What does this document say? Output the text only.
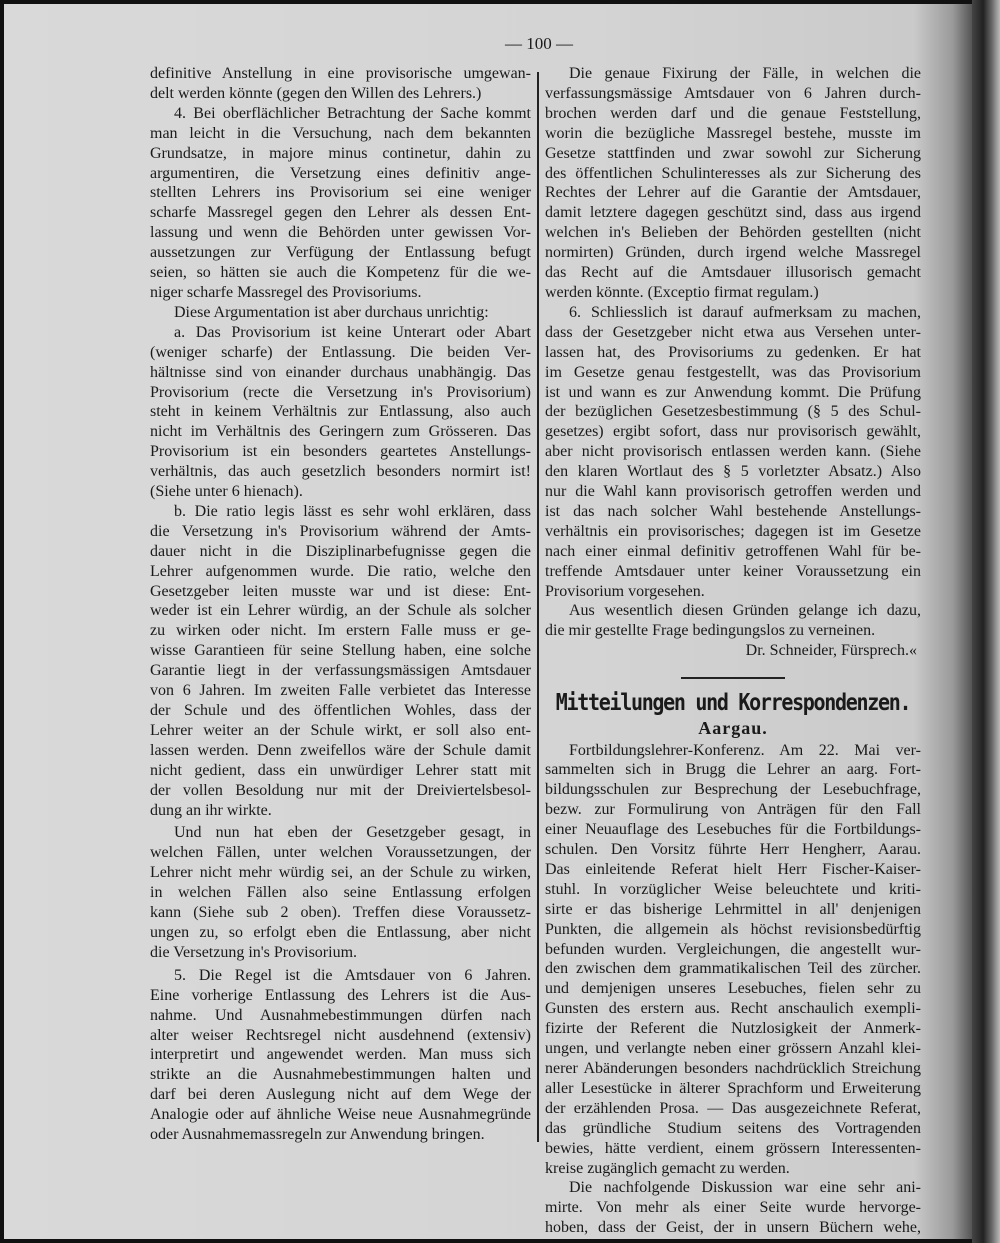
— 100 —
definitive Anstellung in eine provisorische umgewan-
delt werden könnte (gegen den Willen des Lehrers.)
4. Bei oberflächlicher Betrachtung der Sache kommt
man leicht in die Versuchung, nach dem bekannten
Grundsatze, in majore minus continetur, dahin zu
argumentiren, die Versetzung eines definitiv ange-
stellten Lehrers ins Provisorium sei eine weniger
scharfe Massregel gegen den Lehrer als dessen Ent-
lassung und wenn die Behörden unter gewissen Vor-
aussetzungen zur Verfügung der Entlassung befugt
seien, so hätten sie auch die Kompetenz für die we-
niger scharfe Massregel des Provisoriums.
Diese Argumentation ist aber durchaus unrichtig:
a. Das Provisorium ist keine Unterart oder Abart
(weniger scharfe) der Entlassung. Die beiden Ver-
hältnisse sind von einander durchaus unabhängig. Das
Provisorium (recte die Versetzung in's Provisorium)
steht in keinem Verhältnis zur Entlassung, also auch
nicht im Verhältnis des Geringern zum Grösseren. Das
Provisorium ist ein besonders geartetes Anstellungs-
verhältnis, das auch gesetzlich besonders normirt ist!
(Siehe unter 6 hienach).
b. Die ratio legis lässt es sehr wohl erklären, dass
die Versetzung in's Provisorium während der Amts-
dauer nicht in die Disziplinarbefugnisse gegen die
Lehrer aufgenommen wurde. Die ratio, welche den
Gesetzgeber leiten musste war und ist diese: Ent-
weder ist ein Lehrer würdig, an der Schule als solcher
zu wirken oder nicht. Im erstern Falle muss er ge-
wisse Garantieen für seine Stellung haben, eine solche
Garantie liegt in der verfassungsmässigen Amtsdauer
von 6 Jahren. Im zweiten Falle verbietet das Interesse
der Schule und des öffentlichen Wohles, dass der
Lehrer weiter an der Schule wirkt, er soll also ent-
lassen werden. Denn zweifellos wäre der Schule damit
nicht gedient, dass ein unwürdiger Lehrer statt mit
der vollen Besoldung nur mit der Dreiviertelsbesol-
dung an ihr wirkte.
Und nun hat eben der Gesetzgeber gesagt, in
welchen Fällen, unter welchen Voraussetzungen, der
Lehrer nicht mehr würdig sei, an der Schule zu wirken,
in welchen Fällen also seine Entlassung erfolgen
kann (Siehe sub 2 oben). Treffen diese Voraussetz-
ungen zu, so erfolgt eben die Entlassung, aber nicht
die Versetzung in's Provisorium.
5. Die Regel ist die Amtsdauer von 6 Jahren.
Eine vorherige Entlassung des Lehrers ist die Aus-
nahme. Und Ausnahmebestimmungen dürfen nach
alter weiser Rechtsregel nicht ausdehnend (extensiv)
interpretirt und angewendet werden. Man muss sich
strikte an die Ausnahmebestimmungen halten und
darf bei deren Auslegung nicht auf dem Wege der
Analogie oder auf ähnliche Weise neue Ausnahmegründe
oder Ausnahmemassregeln zur Anwendung bringen.
Die genaue Fixirung der Fälle, in welchen die
verfassungsmässige Amtsdauer von 6 Jahren durch-
brochen werden darf und die genaue Feststellung,
worin die bezügliche Massregel bestehe, musste im
Gesetze stattfinden und zwar sowohl zur Sicherung
des öffentlichen Schulinteresses als zur Sicherung des
Rechtes der Lehrer auf die Garantie der Amtsdauer,
damit letztere dagegen geschützt sind, dass aus irgend
welchen in's Belieben der Behörden gestellten (nicht
normirten) Gründen, durch irgend welche Massregel
das Recht auf die Amtsdauer illusorisch gemacht
werden könnte. (Exceptio firmat regulam.)
6. Schliesslich ist darauf aufmerksam zu machen,
dass der Gesetzgeber nicht etwa aus Versehen unter-
lassen hat, des Provisoriums zu gedenken. Er hat
im Gesetze genau festgestellt, was das Provisorium
ist und wann es zur Anwendung kommt. Die Prüfung
der bezüglichen Gesetzesbestimmung (§ 5 des Schul-
gesetzes) ergibt sofort, dass nur provisorisch gewählt,
aber nicht provisorisch entlassen werden kann. (Siehe
den klaren Wortlaut des § 5 vorletzter Absatz.) Also
nur die Wahl kann provisorisch getroffen werden und
ist das nach solcher Wahl bestehende Anstellungs-
verhältnis ein provisorisches; dagegen ist im Gesetze
nach einer einmal definitiv getroffenen Wahl für be-
treffende Amtsdauer unter keiner Voraussetzung ein
Provisorium vorgesehen.
Aus wesentlich diesen Gründen gelange ich dazu,
die mir gestellte Frage bedingungslos zu verneinen.
Dr. Schneider, Fürsprech.«
Mitteilungen und Korrespondenzen.
Aargau.
Fortbildungslehrer-Konferenz. Am 22. Mai ver-
sammelten sich in Brugg die Lehrer an aarg. Fort-
bildungsschulen zur Besprechung der Lesebuchfrage,
bezw. zur Formulirung von Anträgen für den Fall
einer Neuauflage des Lesebuches für die Fortbildungs-
schulen. Den Vorsitz führte Herr Hengherr, Aarau.
Das einleitende Referat hielt Herr Fischer-Kaiser-
stuhl. In vorzüglicher Weise beleuchtete und kriti-
sirte er das bisherige Lehrmittel in all' denjenigen
Punkten, die allgemein als höchst revisionsbedürftig
befunden wurden. Vergleichungen, die angestellt wur-
den zwischen dem grammatikalischen Teil des zürcher.
und demjenigen unseres Lesebuches, fielen sehr zu
Gunsten des erstern aus. Recht anschaulich exempli-
fizirte der Referent die Nutzlosigkeit der Anmerk-
ungen, und verlangte neben einer grössern Anzahl klei-
nerer Abänderungen besonders nachdrücklich Streichung
aller Lesestücke in älterer Sprachform und Erweiterung
der erzählenden Prosa. — Das ausgezeichnete Referat,
das gründliche Studium seitens des Vortragenden
bewies, hätte verdient, einem grössern Interessenten-
kreise zugänglich gemacht zu werden.
Die nachfolgende Diskussion war eine sehr ani-
mirte. Von mehr als einer Seite wurde hervorge-
hoben, dass der Geist, der in unsern Büchern wehe,
